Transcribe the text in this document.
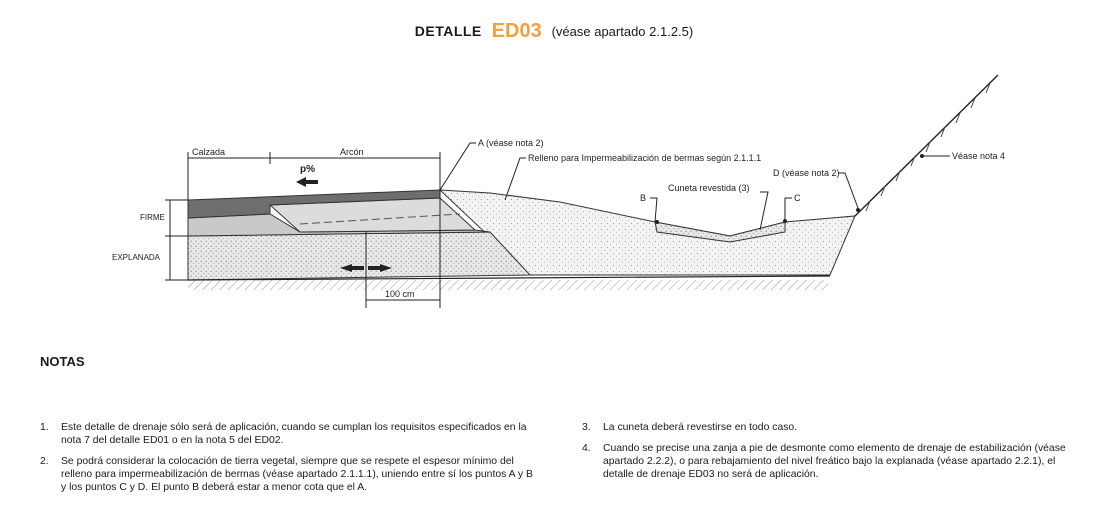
DETALLE ED03 (véase apartado 2.1.2.5)
100 cm
Calzada	Arcón
p%
FIRME
EXPLANADA
A (véase nota 2)
Relleno para Impermeabilización de bermas según 2.1.1.1
B
Cuneta revestida (3)
C
D (véase nota 2)
Véase nota 4
NOTAS
1. Este detalle de drenaje sólo será de aplicación, cuando se cumplan los requisitos especificados en la nota 7 del detalle ED01 o en la nota 5 del ED02.
2. Se podrá considerar la colocación de tierra vegetal, siempre que se respete el espesor mínimo del relleno para impermeabilización de bermas (véase apartado 2.1.1.1), uniendo entre sí los puntos A y B y los puntos C y D. El punto B deberá estar a menor cota que el A.
3. La cuneta deberá revestirse en todo caso.
4. Cuando se precise una zanja a pie de desmonte como elemento de drenaje de estabilización (véase apartado 2.2.2), o para rebajamiento del nivel freático bajo la explanada (véase apartado 2.2.1), el detalle de drenaje ED03 no será de aplicación.
